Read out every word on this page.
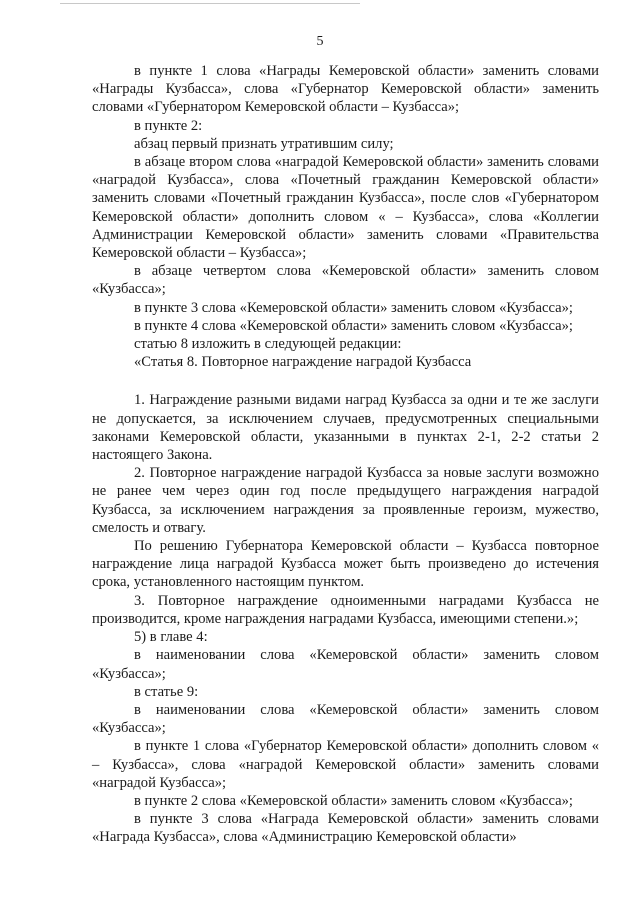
5

в пункте 1 слова «Награды Кемеровской области» заменить словами «Награды Кузбасса», слова «Губернатор Кемеровской области» заменить словами «Губернатором Кемеровской области – Кузбасса»;

в пункте 2:

абзац первый признать утратившим силу;

в абзаце втором слова «наградой Кемеровской области» заменить словами «наградой Кузбасса», слова «Почетный гражданин Кемеровской области» заменить словами «Почетный гражданин Кузбасса», после слов «Губернатором Кемеровской области» дополнить словом « – Кузбасса», слова «Коллегии Администрации Кемеровской области» заменить словами «Правительства Кемеровской области – Кузбасса»;

в абзаце четвертом слова «Кемеровской области» заменить словом «Кузбасса»;

в пункте 3 слова «Кемеровской области» заменить словом «Кузбасса»;

в пункте 4 слова «Кемеровской области» заменить словом «Кузбасса»;

статью 8 изложить в следующей редакции:

«Статья 8. Повторное награждение наградой Кузбасса

1. Награждение разными видами наград Кузбасса за одни и те же заслуги не допускается, за исключением случаев, предусмотренных специальными законами Кемеровской области, указанными в пунктах 2-1, 2-2 статьи 2 настоящего Закона.

2. Повторное награждение наградой Кузбасса за новые заслуги возможно не ранее чем через один год после предыдущего награждения наградой Кузбасса, за исключением награждения за проявленные героизм, мужество, смелость и отвагу.

По решению Губернатора Кемеровской области – Кузбасса повторное награждение лица наградой Кузбасса может быть произведено до истечения срока, установленного настоящим пунктом.

3. Повторное награждение одноименными наградами Кузбасса не производится, кроме награждения наградами Кузбасса, имеющими степени.»;

5) в главе 4:

в наименовании слова «Кемеровской области» заменить словом «Кузбасса»;

в статье 9:

в наименовании слова «Кемеровской области» заменить словом «Кузбасса»;

в пункте 1 слова «Губернатор Кемеровской области» дополнить словом « – Кузбасса», слова «наградой Кемеровской области» заменить словами «наградой Кузбасса»;

в пункте 2 слова «Кемеровской области» заменить словом «Кузбасса»;

в пункте 3 слова «Награда Кемеровской области» заменить словами «Награда Кузбасса», слова «Администрацию Кемеровской области»
